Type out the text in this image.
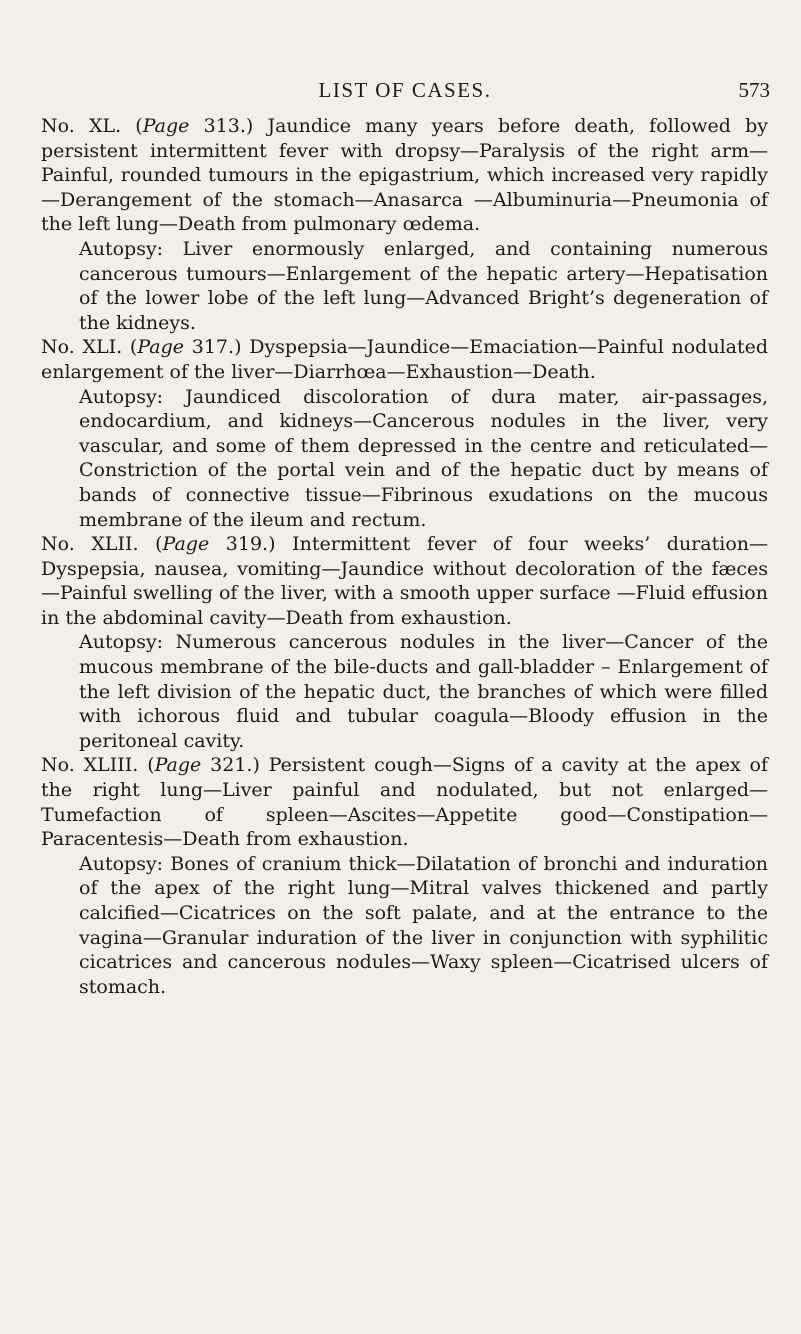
LIST OF CASES.	573

No. XL. (Page 313.) Jaundice many years before death, followed by persistent intermittent fever with dropsy—Paralysis of the right arm—Painful, rounded tumours in the epigastrium, which increased very rapidly—Derangement of the stomach—Anasarca —Albuminuria—Pneumonia of the left lung—Death from pulmonary œdema.

Autopsy: Liver enormously enlarged, and containing numerous cancerous tumours—Enlargement of the hepatic artery—Hepatisation of the lower lobe of the left lung—Advanced Bright’s degeneration of the kidneys.

No. XLI. (Page 317.) Dyspepsia—Jaundice—Emaciation—Painful nodulated enlargement of the liver—Diarrhœa—Exhaustion—Death.

Autopsy: Jaundiced discoloration of dura mater, air-passages, endocardium, and kidneys—Cancerous nodules in the liver, very vascular, and some of them depressed in the centre and reticulated—Constriction of the portal vein and of the hepatic duct by means of bands of connective tissue—Fibrinous exudations on the mucous membrane of the ileum and rectum.

No. XLII. (Page 319.) Intermittent fever of four weeks’ duration—Dyspepsia, nausea, vomiting—Jaundice without decoloration of the fæces—Painful swelling of the liver, with a smooth upper surface —Fluid effusion in the abdominal cavity—Death from exhaustion.

Autopsy: Numerous cancerous nodules in the liver—Cancer of the mucous membrane of the bile-ducts and gall-bladder – Enlargement of the left division of the hepatic duct, the branches of which were filled with ichorous fluid and tubular coagula—Bloody effusion in the peritoneal cavity.

No. XLIII. (Page 321.) Persistent cough—Signs of a cavity at the apex of the right lung—Liver painful and nodulated, but not enlarged—Tumefaction of spleen—Ascites—Appetite good—Constipation—Paracentesis—Death from exhaustion.

Autopsy: Bones of cranium thick—Dilatation of bronchi and induration of the apex of the right lung—Mitral valves thickened and partly calcified—Cicatrices on the soft palate, and at the entrance to the vagina—Granular induration of the liver in conjunction with syphilitic cicatrices and cancerous nodules—Waxy spleen—Cicatrised ulcers of stomach.
